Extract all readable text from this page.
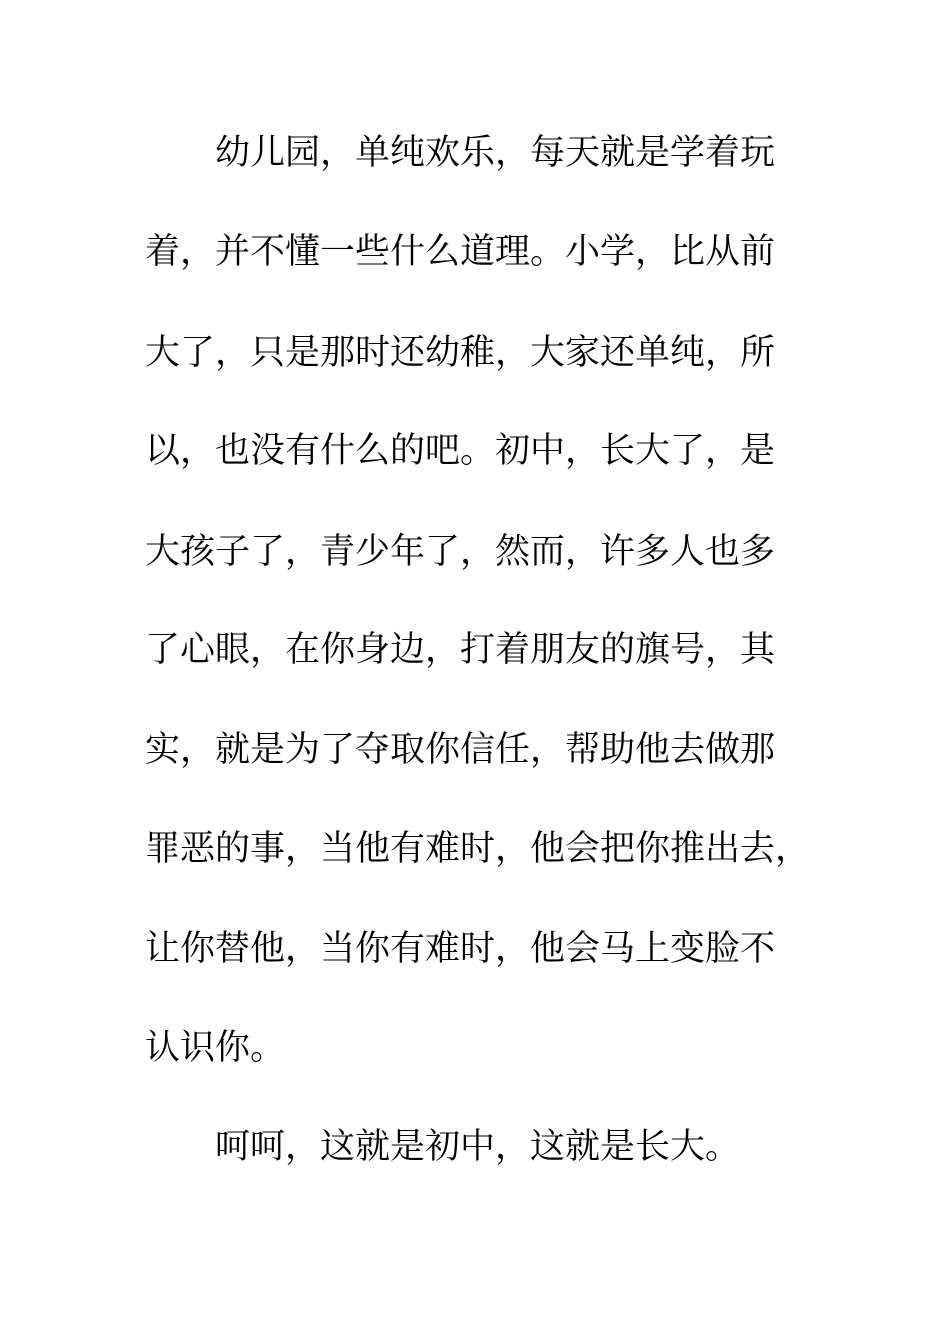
幼儿园，单纯欢乐，每天就是学着玩
着，并不懂一些什么道理。小学，比从前
大了，只是那时还幼稚，大家还单纯，所
以，也没有什么的吧。初中，长大了，是
大孩子了，青少年了，然而，许多人也多
了心眼，在你身边，打着朋友的旗号，其
实，就是为了夺取你信任，帮助他去做那
罪恶的事，当他有难时，他会把你推出去，
让你替他，当你有难时，他会马上变脸不
认识你。
呵呵，这就是初中，这就是长大。
